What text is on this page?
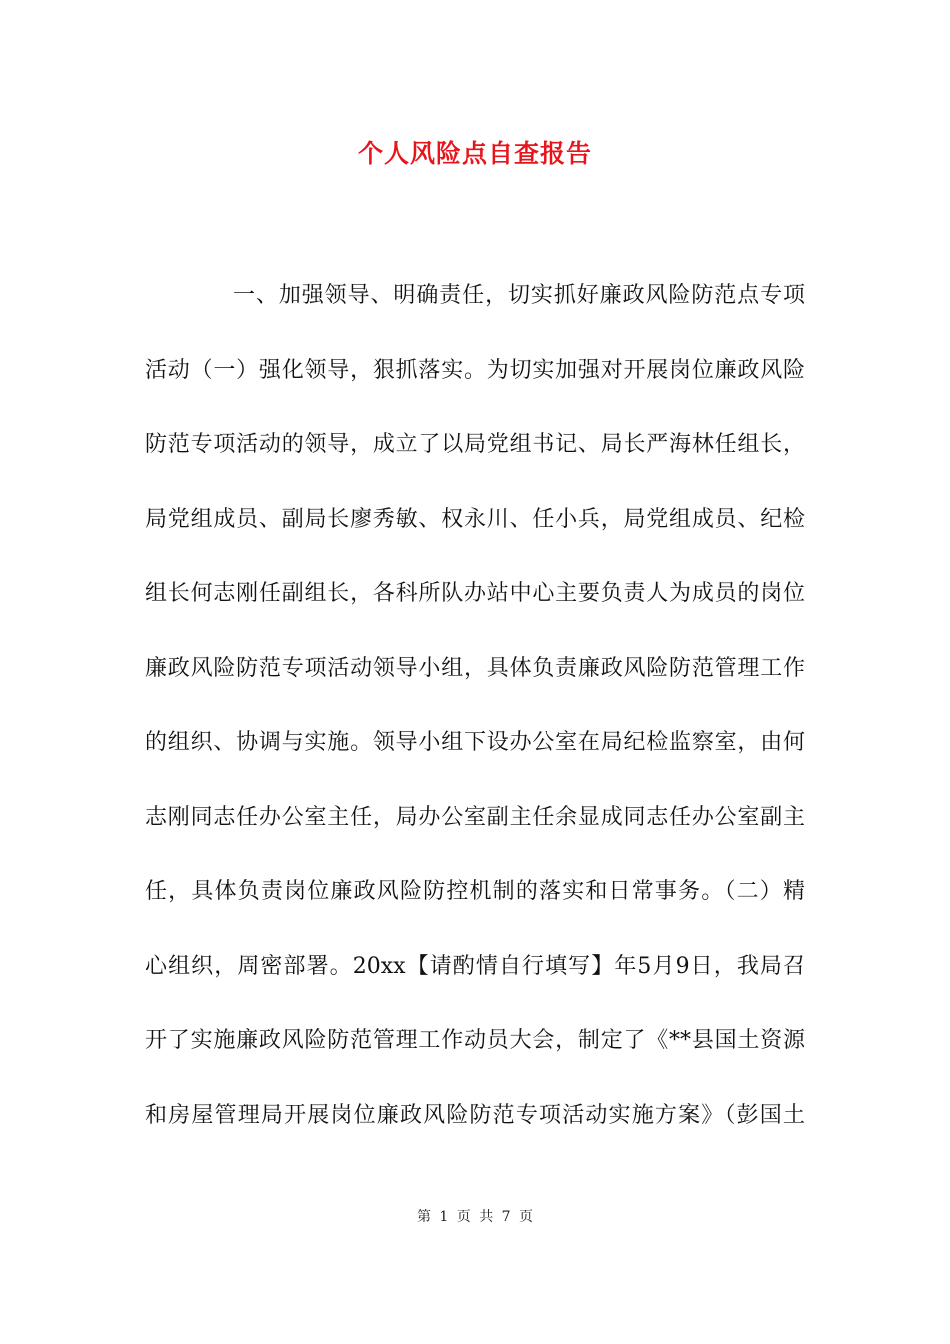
个人风险点自查报告
一、加强领导、明确责任，切实抓好廉政风险防范点专项
活动（一）强化领导，狠抓落实。为切实加强对开展岗位廉政风险
防范专项活动的领导，成立了以局党组书记、局长严海林任组长，
局党组成员、副局长廖秀敏、权永川、任小兵，局党组成员、纪检
组长何志刚任副组长，各科所队办站中心主要负责人为成员的岗位
廉政风险防范专项活动领导小组，具体负责廉政风险防范管理工作
的组织、协调与实施。领导小组下设办公室在局纪检监察室，由何
志刚同志任办公室主任，局办公室副主任余显成同志任办公室副主
任，具体负责岗位廉政风险防控机制的落实和日常事务。（二）精
心组织，周密部署。20xx【请酌情自行填写】年5月9日，我局召
开了实施廉政风险防范管理工作动员大会，制定了《**县国土资源
和房屋管理局开展岗位廉政风险防范专项活动实施方案》（彭国土
第 1 页 共 7 页
